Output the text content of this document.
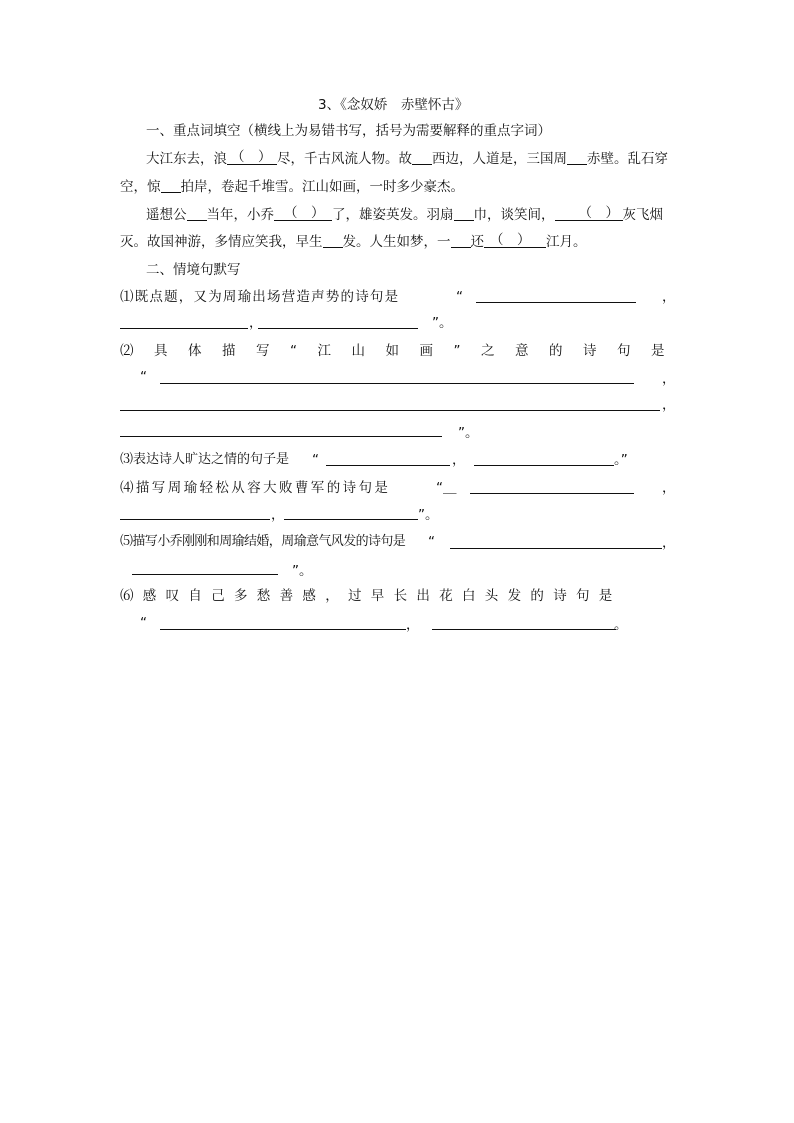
3、《念奴娇　赤壁怀古》
一、重点词填空（横线上为易错书写，括号为需要解释的重点字词）
大江东去，浪 （　） 尽，千古风流人物。故 西边，人道是，三国周 赤壁。乱石穿
空，惊 拍岸，卷起千堆雪。江山如画，一时多少豪杰。
遥想公 当年，小乔 （　） 了，雄姿英发。羽扇 巾，谈笑间， （　） 灰飞烟
灭。故国神游，多情应笑我，早生 发。人生如梦，一 还 （　） 江月。
二、情境句默写
⑴既点题，又为周瑜出场营造声势的诗句是	“	，
，	”。
⑵具体描写“江山如画”之意的诗句是
“	，
，
”。
⑶表达诗人旷达之情的句子是 “	，	。”
⑷描写周瑜轻松从容大败曹军的诗句是	“＿	，
，	”。
⑸描写小乔刚刚和周瑜结婚，周瑜意气风发的诗句是 “	，
”。
⑹感叹自己多愁善感，过早长出花白头发的诗句是
“	，	。
